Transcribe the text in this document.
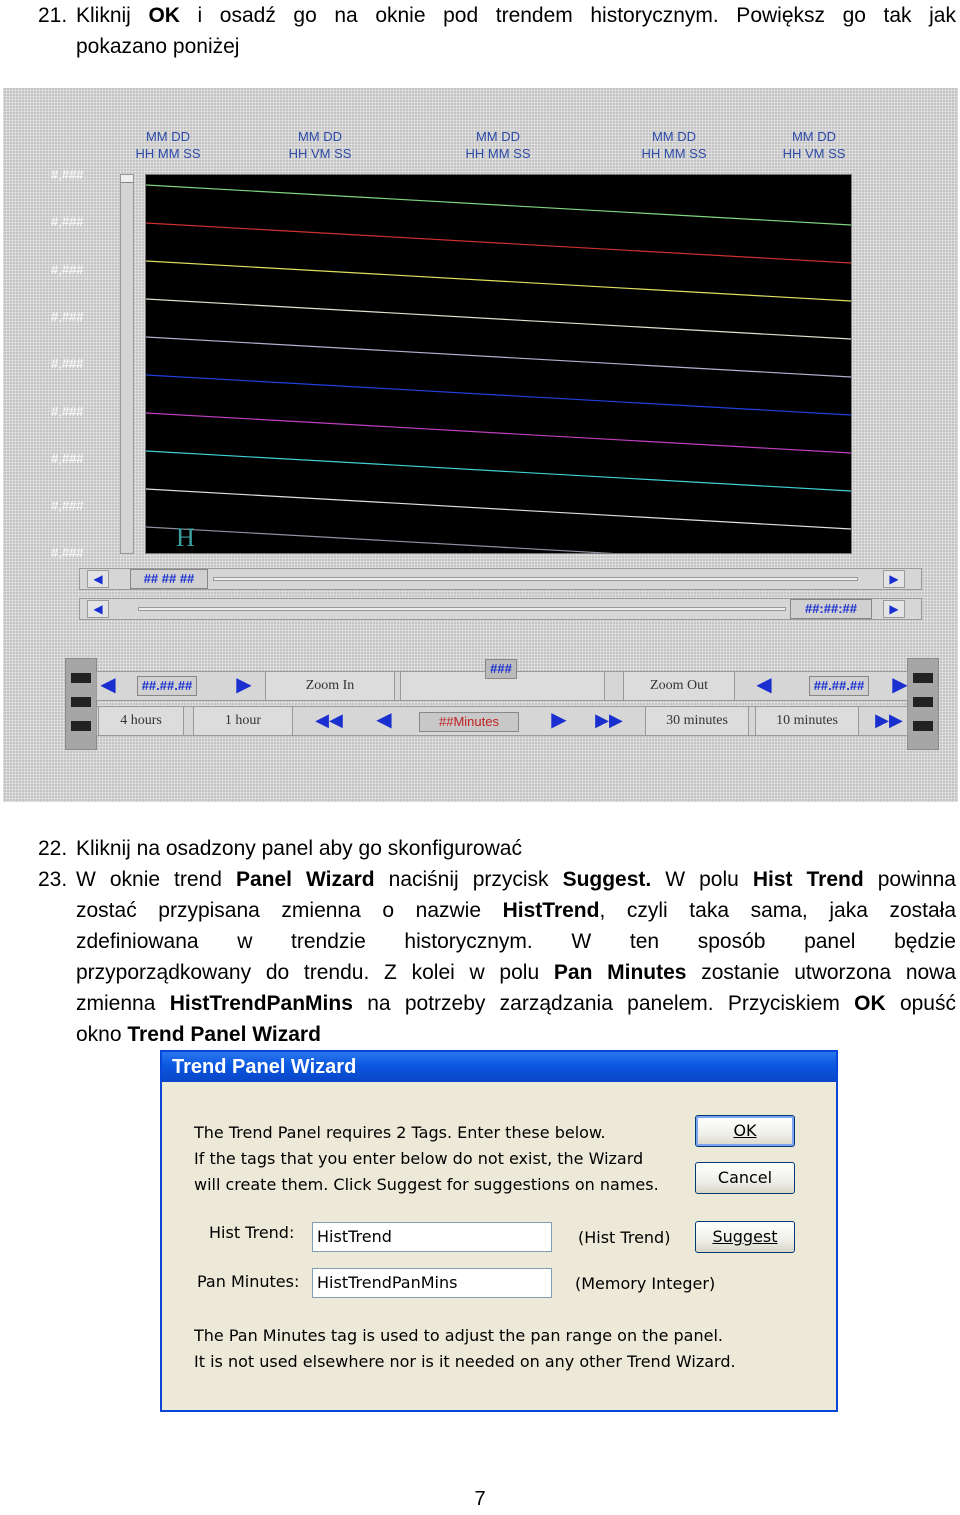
21. Kliknij OK i osadź go na oknie pod trendem historycznym. Powiększ go tak jak
pokazano poniżej
MM DD
HH MM SS
MM DD
HH VM SS
MM DD
HH MM SS
MM DD
HH MM SS
MM DD
HH VM SS
#,###
#,###
#,###
#,###
#,###
#,###
#,###
#,###
#,###
H
◀	## ## ##	▶
◀	##:##:##	▶
◀	##.##.## ▶	Zoom In
###
Zoom Out	◀	##.##.## ▶
4 hours	1 hour	◀◀	◀	##Minutes	▶	▶▶	30 minutes	10 minutes	▶▶
22. Kliknij na osadzony panel aby go skonfigurować
23. W oknie trend Panel Wizard naciśnij przycisk Suggest. W polu Hist Trend powinna
zostać przypisana zmienna o nazwie HistTrend, czyli taka sama, jaka została
zdefiniowana w trendzie historycznym. W ten sposób panel będzie
przyporządkowany do trendu. Z kolei w polu Pan Minutes zostanie utworzona nowa
zmienna HistTrendPanMins na potrzeby zarządzania panelem. Przyciskiem OK opuść
okno Trend Panel Wizard
Trend Panel Wizard
The Trend Panel requires 2 Tags. Enter these below.
If the tags that you enter below do not exist, the Wizard
will create them. Click Suggest for suggestions on names.
OK
Cancel
Suggest
Hist Trend:	HistTrend	(Hist Trend)
Pan Minutes:	HistTrendPanMins	(Memory Integer)
The Pan Minutes tag is used to adjust the pan range on the panel.
It is not used elsewhere nor is it needed on any other Trend Wizard.
7
